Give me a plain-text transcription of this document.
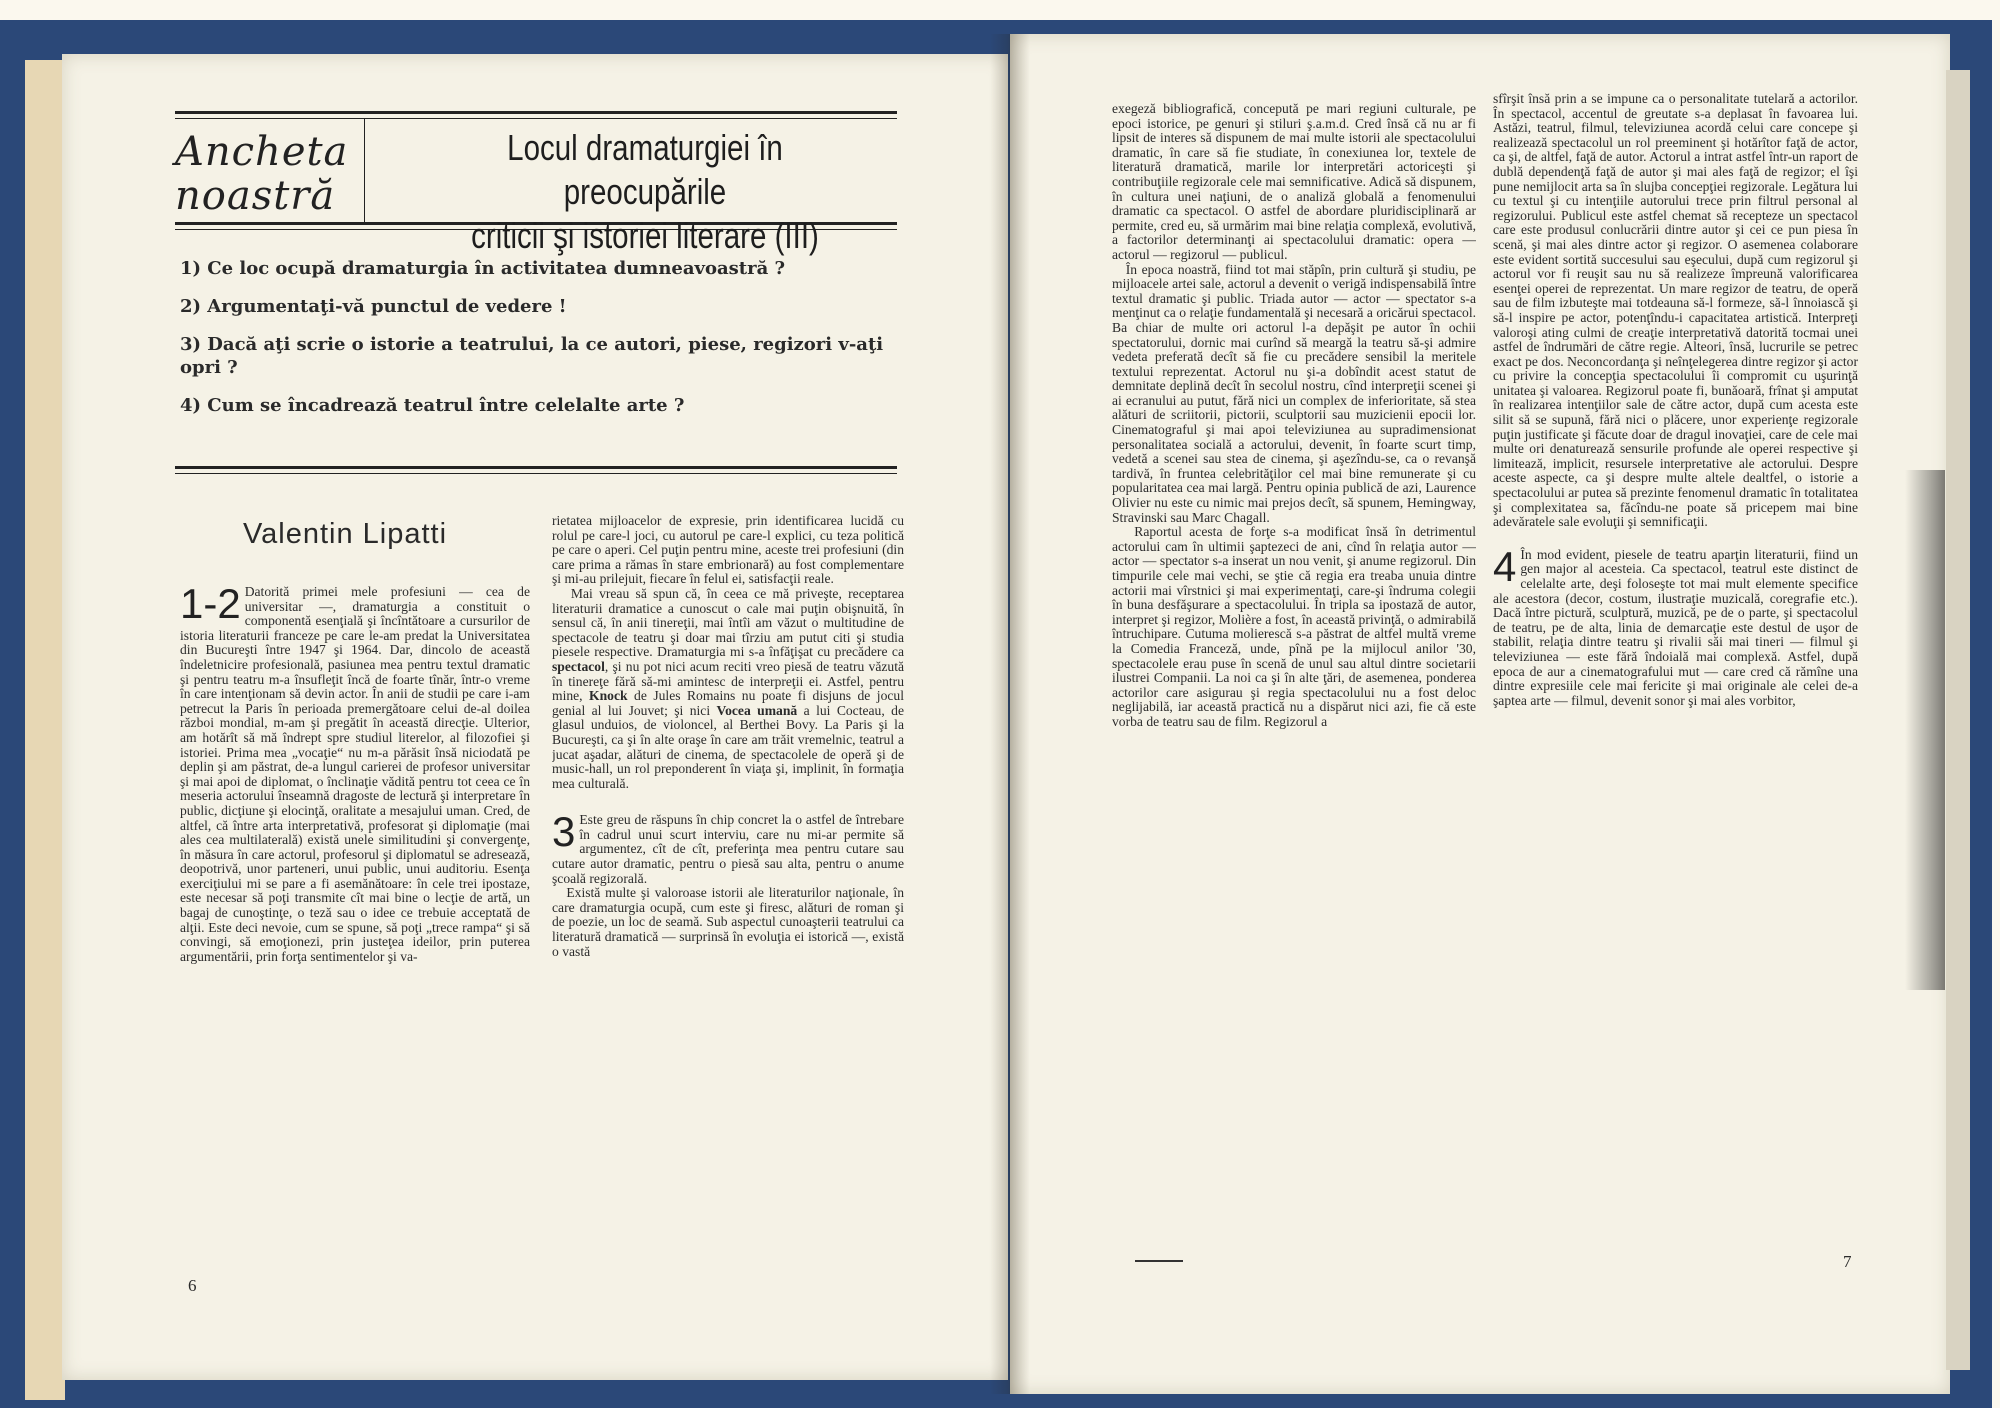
Ancheta
noastră
Locul dramaturgiei în preocupările
criticii şi istoriei literare (III)
1) Ce loc ocupă dramaturgia în activitatea dumneavoastră ?
2) Argumentaţi-vă punctul de vedere !
3) Dacă aţi scrie o istorie a teatrului, la ce autori, piese, regizori v-aţi opri ?
4) Cum se încadrează teatrul între celelalte arte ?
Valentin Lipatti

1-2 Datorită primei mele profesiuni — cea de universitar —, dramaturgia a constituit o componentă esenţială şi încîntătoare a cursurilor de istoria literaturii franceze pe care le-am predat la Universitatea din Bucureşti între 1947 şi 1964. Dar, dincolo de această îndeletnicire profesională, pasiunea mea pentru textul dramatic şi pentru teatru m-a însufleţit încă de foarte tînăr, într-o vreme în care intenţionam să devin actor. În anii de studii pe care i-am petrecut la Paris în perioada premergătoare celui de-al doilea război mondial, m-am şi pregătit în această direcţie. Ulterior, am hotărît să mă îndrept spre studiul literelor, al filozofiei şi istoriei. Prima mea „vocaţie“ nu m-a părăsit însă niciodată pe deplin şi am păstrat, de-a lungul carierei de profesor universitar şi mai apoi de diplomat, o înclinaţie vădită pentru tot ceea ce în meseria actorului înseamnă dragoste de lectură şi interpretare în public, dicţiune şi elocinţă, oralitate a mesajului uman. Cred, de altfel, că între arta interpretativă, profesorat şi diplomaţie (mai ales cea multilaterală) există unele similitudini şi convergenţe, în măsura în care actorul, profesorul şi diplomatul se adresează, deopotrivă, unor parteneri, unui public, unui auditoriu. Esenţa exerciţiului mi se pare a fi asemănătoare: în cele trei ipostaze, este necesar să poţi transmite cît mai bine o lecţie de artă, un bagaj de cunoştinţe, o teză sau o idee ce trebuie acceptată de alţii. Este deci nevoie, cum se spune, să poţi „trece rampa“ şi să convingi, să emoţionezi, prin justeţea ideilor, prin puterea argumentării, prin forţa sentimentelor şi va-

rietatea mijloacelor de expresie, prin identificarea lucidă cu rolul pe care-l joci, cu autorul pe care-l explici, cu teza politică pe care o aperi. Cel puţin pentru mine, aceste trei profesiuni (din care prima a rămas în stare embrionară) au fost complementare şi mi-au prilejuit, fiecare în felul ei, satisfacţii reale.

Mai vreau să spun că, în ceea ce mă priveşte, receptarea literaturii dramatice a cunoscut o cale mai puţin obişnuită, în sensul că, în anii tinereţii, mai întîi am văzut o multitudine de spectacole de teatru şi doar mai tîrziu am putut citi şi studia piesele respective. Dramaturgia mi s-a înfăţişat cu precădere ca spectacol, şi nu pot nici acum reciti vreo piesă de teatru văzută în tinereţe fără să-mi amintesc de interpreţii ei. Astfel, pentru mine, Knock de Jules Romains nu poate fi disjuns de jocul genial al lui Jouvet; şi nici Vocea umană a lui Cocteau, de glasul unduios, de violoncel, al Berthei Bovy. La Paris şi la Bucureşti, ca şi în alte oraşe în care am trăit vremelnic, teatrul a jucat aşadar, alături de cinema, de spectacolele de operă şi de music-hall, un rol preponderent în viaţa şi, implinit, în formaţia mea culturală.

3 Este greu de răspuns în chip concret la o astfel de întrebare în cadrul unui scurt interviu, care nu mi-ar permite să argumentez, cît de cît, preferinţa mea pentru cutare sau cutare autor dramatic, pentru o piesă sau alta, pentru o anume şcoală regizorală.

Există multe şi valoroase istorii ale literaturilor naţionale, în care dramaturgia ocupă, cum este şi firesc, alături de roman şi de poezie, un loc de seamă. Sub aspectul cunoaşterii teatrului ca literatură dramatică — surprinsă în evoluţia ei istorică —, există o vastă

exegeză bibliografică, concepută pe mari regiuni culturale, pe epoci istorice, pe genuri şi stiluri ş.a.m.d. Cred însă că nu ar fi lipsit de interes să dispunem de mai multe istorii ale spectacolului dramatic, în care să fie studiate, în conexiunea lor, textele de literatură dramatică, marile lor interpretări actoriceşti şi contribuţiile regizorale cele mai semnificative. Adică să dispunem, în cultura unei naţiuni, de o analiză globală a fenomenului dramatic ca spectacol. O astfel de abordare pluridisciplinară ar permite, cred eu, să urmărim mai bine relaţia complexă, evolutivă, a factorilor determinanţi ai spectacolului dramatic: opera — actorul — regizorul — publicul.

În epoca noastră, fiind tot mai stăpîn, prin cultură şi studiu, pe mijloacele artei sale, actorul a devenit o verigă indispensabilă între textul dramatic şi public. Triada autor — actor — spectator s-a menţinut ca o relaţie fundamentală şi necesară a oricărui spectacol. Ba chiar de multe ori actorul l-a depăşit pe autor în ochii spectatorului, dornic mai curînd să meargă la teatru să-şi admire vedeta preferată decît să fie cu precădere sensibil la meritele textului reprezentat. Actorul nu şi-a dobîndit acest statut de demnitate deplină decît în secolul nostru, cînd interpreţii scenei şi ai ecranului au putut, fără nici un complex de inferioritate, să stea alături de scriitorii, pictorii, sculptorii sau muzicienii epocii lor. Cinematograful şi mai apoi televiziunea au supradimensionat personalitatea socială a actorului, devenit, în foarte scurt timp, vedetă a scenei sau stea de cinema, şi aşezîndu-se, ca o revanşă tardivă, în fruntea celebrităţilor cel mai bine remunerate şi cu popularitatea cea mai largă. Pentru opinia publică de azi, Laurence Olivier nu este cu nimic mai prejos decît, să spunem, Hemingway, Stravinski sau Marc Chagall.

Raportul acesta de forţe s-a modificat însă în detrimentul actorului cam în ultimii şaptezeci de ani, cînd în relaţia autor — actor — spectator s-a inserat un nou venit, şi anume regizorul. Din timpurile cele mai vechi, se ştie că regia era treaba unuia dintre actorii mai vîrstnici şi mai experimentaţi, care-şi îndruma colegii în buna desfăşurare a spectacolului. În tripla sa ipostază de autor, interpret şi regizor, Molière a fost, în această privinţă, o admirabilă întruchipare. Cutuma molierescă s-a păstrat de altfel multă vreme la Comedia Franceză, unde, pînă pe la mijlocul anilor '30, spectacolele erau puse în scenă de unul sau altul dintre societarii ilustrei Companii. La noi ca şi în alte ţări, de asemenea, ponderea actorilor care asigurau şi regia spectacolului nu a fost deloc neglijabilă, iar această practică nu a dispărut nici azi, fie că este vorba de teatru sau de film. Regizorul a

sfîrşit însă prin a se impune ca o personalitate tutelară a actorilor. În spectacol, accentul de greutate s-a deplasat în favoarea lui. Astăzi, teatrul, filmul, televiziunea acordă celui care concepe şi realizează spectacolul un rol preeminent şi hotărîtor faţă de actor, ca şi, de altfel, faţă de autor. Actorul a intrat astfel într-un raport de dublă dependenţă faţă de autor şi mai ales faţă de regizor; el îşi pune nemijlocit arta sa în slujba concepţiei regizorale. Legătura lui cu textul şi cu intenţiile autorului trece prin filtrul personal al regizorului. Publicul este astfel chemat să recepteze un spectacol care este produsul conlucrării dintre autor şi cei ce pun piesa în scenă, şi mai ales dintre actor şi regizor. O asemenea colaborare este evident sortită succesului sau eşecului, după cum regizorul şi actorul vor fi reuşit sau nu să realizeze împreună valorificarea esenţei operei de reprezentat. Un mare regizor de teatru, de operă sau de film izbuteşte mai totdeauna să-l formeze, să-l înnoiască şi să-l inspire pe actor, potenţîndu-i capacitatea artistică. Interpreţi valoroşi ating culmi de creaţie interpretativă datorită tocmai unei astfel de îndrumări de către regie. Alteori, însă, lucrurile se petrec exact pe dos. Neconcordanţa şi neînţelegerea dintre regizor şi actor cu privire la concepţia spectacolului îi compromit cu uşurinţă unitatea şi valoarea. Regizorul poate fi, bunăoară, frînat şi amputat în realizarea intenţiilor sale de către actor, după cum acesta este silit să se supună, fără nici o plăcere, unor experienţe regizorale puţin justificate şi făcute doar de dragul inovaţiei, care de cele mai multe ori denaturează sensurile profunde ale operei respective şi limitează, implicit, resursele interpretative ale actorului. Despre aceste aspecte, ca şi despre multe altele dealtfel, o istorie a spectacolului ar putea să prezinte fenomenul dramatic în totalitatea şi complexitatea sa, făcîndu-ne poate să pricepem mai bine adevăratele sale evoluţii şi semnificaţii.

4 În mod evident, piesele de teatru aparţin literaturii, fiind un gen major al acesteia. Ca spectacol, teatrul este distinct de celelalte arte, deşi foloseşte tot mai mult elemente specifice ale acestora (decor, costum, ilustraţie muzicală, coregrafie etc.). Dacă între pictură, sculptură, muzică, pe de o parte, şi spectacolul de teatru, pe de alta, linia de demarcaţie este destul de uşor de stabilit, relaţia dintre teatru şi rivalii săi mai tineri — filmul şi televiziunea — este fără îndoială mai complexă. Astfel, după epoca de aur a cinematografului mut — care cred că rămîne una dintre expresiile cele mai fericite şi mai originale ale celei de-a şaptea arte — filmul, devenit sonor şi mai ales vorbitor,

6
7
